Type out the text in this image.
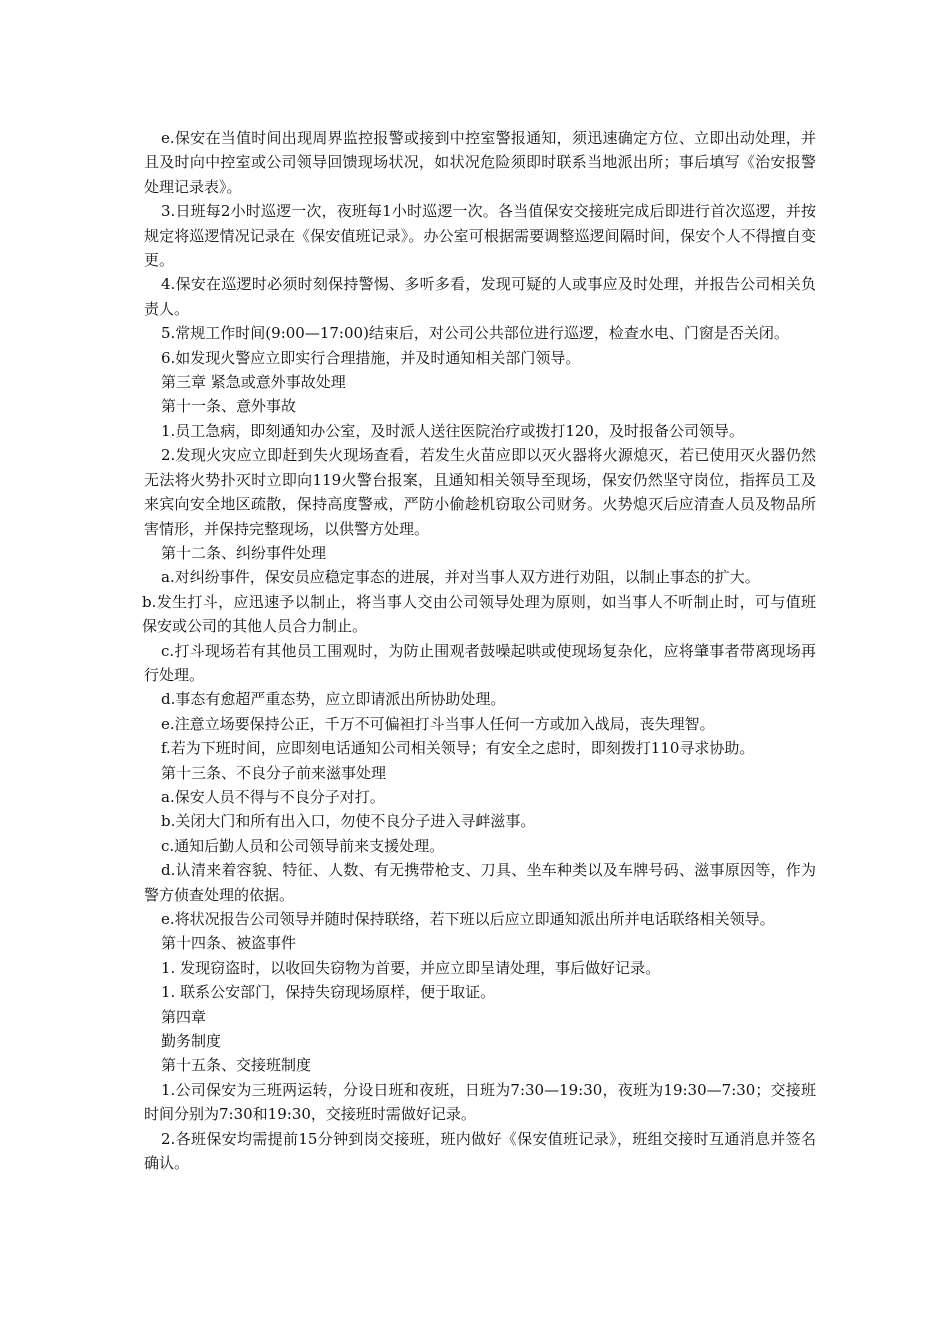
e.保安在当值时间出现周界监控报警或接到中控室警报通知，须迅速确定方位、立即出动处理，并且及时向中控室或公司领导回馈现场状况，如状况危险须即时联系当地派出所；事后填写《治安报警处理记录表》。

3.日班每2小时巡逻一次，夜班每1小时巡逻一次。各当值保安交接班完成后即进行首次巡逻，并按规定将巡逻情况记录在《保安值班记录》。办公室可根据需要调整巡逻间隔时间，保安个人不得擅自变更。

4.保安在巡逻时必须时刻保持警惕、多听多看，发现可疑的人或事应及时处理，并报告公司相关负责人。

5.常规工作时间(9:00—17:00)结束后，对公司公共部位进行巡逻，检查水电、门窗是否关闭。

6.如发现火警应立即实行合理措施，并及时通知相关部门领导。

第三章 紧急或意外事故处理

第十一条、意外事故

1.员工急病，即刻通知办公室，及时派人送往医院治疗或拨打120，及时报备公司领导。

2.发现火灾应立即赶到失火现场查看，若发生火苗应即以灭火器将火源熄灭，若已使用灭火器仍然无法将火势扑灭时立即向119火警台报案，且通知相关领导至现场，保安仍然坚守岗位，指挥员工及来宾向安全地区疏散，保持高度警戒，严防小偷趁机窃取公司财务。火势熄灭后应清查人员及物品所害情形，并保持完整现场，以供警方处理。

第十二条、纠纷事件处理

a.对纠纷事件，保安员应稳定事态的进展，并对当事人双方进行劝阻，以制止事态的扩大。

b.发生打斗，应迅速予以制止，将当事人交由公司领导处理为原则，如当事人不听制止时，可与值班保安或公司的其他人员合力制止。

c.打斗现场若有其他员工围观时，为防止围观者鼓噪起哄或使现场复杂化，应将肇事者带离现场再行处理。

d.事态有愈超严重态势，应立即请派出所协助处理。

e.注意立场要保持公正，千万不可偏袒打斗当事人任何一方或加入战局，丧失理智。

f.若为下班时间，应即刻电话通知公司相关领导；有安全之虑时，即刻拨打110寻求协助。

第十三条、不良分子前来滋事处理

a.保安人员不得与不良分子对打。

b.关闭大门和所有出入口，勿使不良分子进入寻衅滋事。

c.通知后勤人员和公司领导前来支援处理。

d.认清来着容貌、特征、人数、有无携带枪支、刀具、坐车种类以及车牌号码、滋事原因等，作为警方侦查处理的依据。

e.将状况报告公司领导并随时保持联络，若下班以后应立即通知派出所并电话联络相关领导。

第十四条、被盗事件

1. 发现窃盗时，以收回失窃物为首要，并应立即呈请处理，事后做好记录。

1. 联系公安部门，保持失窃现场原样，便于取证。

第四章

勤务制度

第十五条、交接班制度

1.公司保安为三班两运转，分设日班和夜班，日班为7:30—19:30，夜班为19:30—7:30；交接班时间分别为7:30和19:30，交接班时需做好记录。

2.各班保安均需提前15分钟到岗交接班，班内做好《保安值班记录》，班组交接时互通消息并签名确认。
